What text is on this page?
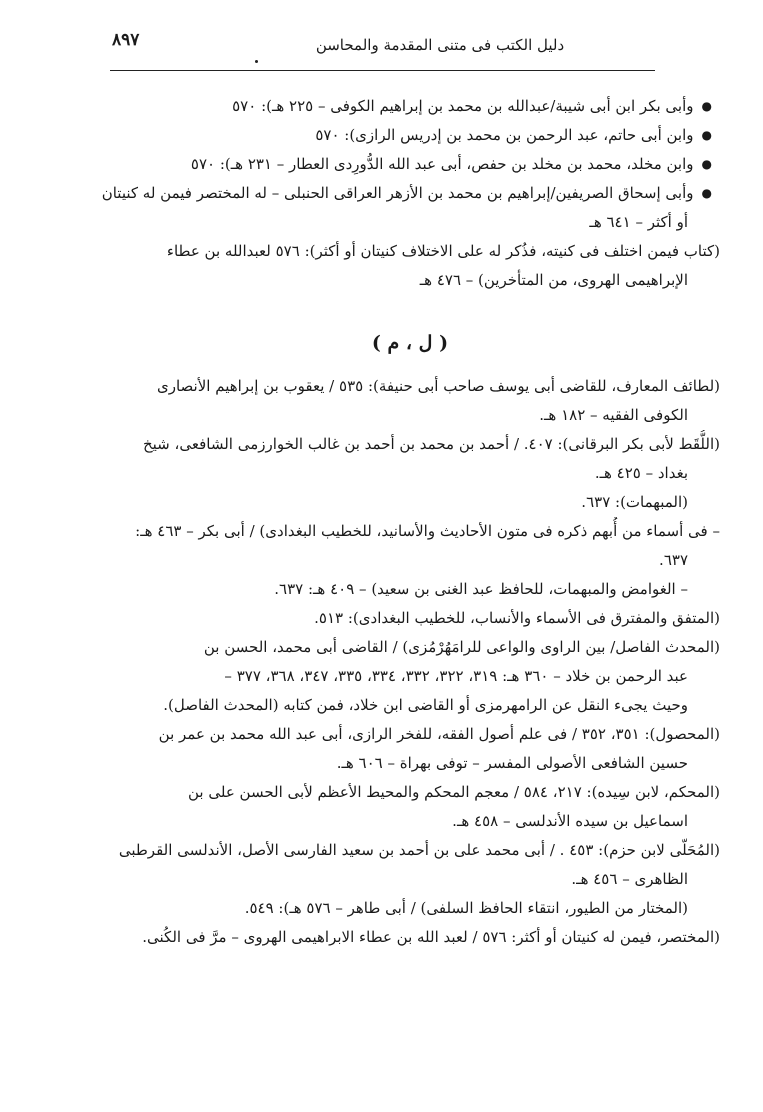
٨٩٧	دليل الكتب فى متنى المقدمة والمحاسن
●وأبى بكر ابن أبى شيبة/عبدالله بن محمد بن إبراهيم الكوفى – ٢٢٥ هـ): ٥٧٠
●وابن أبى حاتم، عبد الرحمن بن محمد بن إدريس الرازى): ٥٧٠
●وابن مخلد، محمد بن مخلد بن حفص، أبى عبد الله الدُّورِدى العطار – ٢٣١ هـ): ٥٧٠
●وأبى إسحاق الصريفين/إبراهيم بن محمد بن الأزهر العراقى الحنبلى – له المختصر فيمن له كنيتان
أو أكثر – ٦٤١ هـ
(كتاب فيمن اختلف فى كنيته، فذُكر له على الاختلاف كنيتان أو أكثر): ٥٧٦ لعبدالله بن عطاء
الإبراهيمى الهروى، من المتأخرين) – ٤٧٦ هـ
( ل ، م )
(لطائف المعارف، للقاضى أبى يوسف صاحب أبى حنيفة): ٥٣٥ / يعقوب بن إبراهيم الأنصارى
الكوفى الفقيه – ١٨٢ هـ.
(اللُّقَط لأبى بكر البرقانى): ٤٠٧. / أحمد بن محمد بن أحمد بن غالب الخوارزمى الشافعى، شيخ
بغداد – ٤٢٥ هـ.
(المبهمات): ٦٣٧.
– فى أسماء من أُبهم ذكره فى متون الأحاديث والأسانيد، للخطيب البغدادى) / أبى بكر – ٤٦٣ هـ:
٦٣٧.
– الغوامض والمبهمات، للحافظ عبد الغنى بن سعيد) – ٤٠٩ هـ: ٦٣٧.
(المتفق والمفترق فى الأسماء والأنساب، للخطيب البغدادى): ٥١٣.
(المحدث الفاصل/ بين الراوى والواعى للرامَهُرْمُزى) / القاضى أبى محمد، الحسن بن
عبد الرحمن بن خلاد – ٣٦٠ هـ: ٣١٩، ٣٢٢، ٣٣٢، ٣٣٤، ٣٣٥، ٣٤٧، ٣٦٨، ٣٧٧ –
وحيث يجىء النقل عن الرامهرمزى أو القاضى ابن خلاد، فمن كتابه (المحدث الفاصل).
(المحصول): ٣٥١، ٣٥٢ / فى علم أصول الفقه، للفخر الرازى، أبى عبد الله محمد بن عمر بن
حسين الشافعى الأصولى المفسر – توفى بهراة – ٦٠٦ هـ.
(المحكم، لابن سِيده): ٢١٧، ٥٨٤ / معجم المحكم والمحيط الأعظم لأبى الحسن على بن
اسماعيل بن سيده الأندلسى – ٤٥٨ هـ.
(المُحَلّى لابن حزم): ٤٥٣ . / أبى محمد على بن أحمد بن سعيد الفارسى الأصل، الأندلسى القرطبى
الظاهرى – ٤٥٦ هـ.
(المختار من الطيور، انتقاء الحافظ السلفى) / أبى طاهر – ٥٧٦ هـ): ٥٤٩.
(المختصر، فيمن له كنيتان أو أكثر: ٥٧٦ / لعبد الله بن عطاء الابراهيمى الهروى – مرَّ فى الكُنى.
